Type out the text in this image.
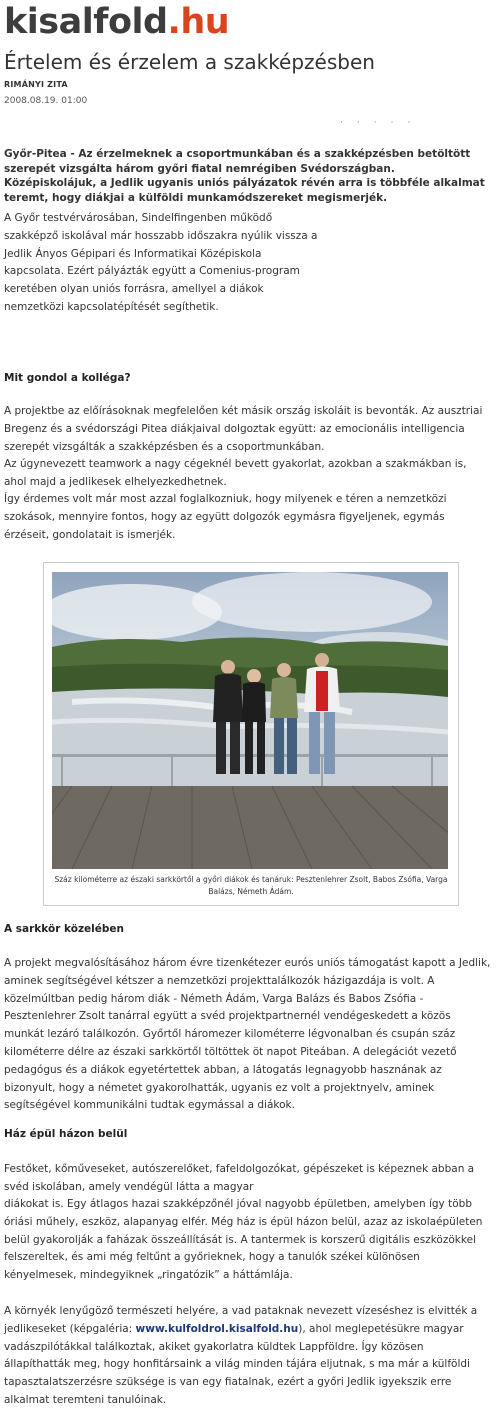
kisalfold.hu
Értelem és érzelem a szakképzésben
RIMÁNYI ZITA
2008.08.19. 01:00
·····

Győr-Pitea - Az érzelmeknek a csoportmunkában és a szakképzésben betöltött szerepét vizsgálta három győri fiatal nemrégiben Svédországban. Középiskolájuk, a Jedlik ugyanis uniós pályázatok révén arra is többféle alkalmat teremt, hogy diákjai a külföldi munkamódszereket megismerjék.

A Győr testvérvárosában, Sindelfingenben működő szakképző iskolával már hosszabb időszakra nyúlik vissza a Jedlik Ányos Gépipari és Informatikai Középiskola kapcsolata. Ezért pályázták együtt a Comenius-program keretében olyan uniós forrásra, amellyel a diákok nemzetközi kapcsolatépítését segíthetik.

Mit gondol a kolléga?

A projektbe az előírásoknak megfelelően két másik ország iskoláit is bevonták. Az ausztriai Bregenz és a svédországi Pitea diákjaival dolgoztak együtt: az emocionális intelligencia szerepét vizsgálták a szakképzésben és a csoportmunkában.

Az úgynevezett teamwork a nagy cégeknél bevett gyakorlat, azokban a szakmákban is, ahol majd a jedlikesek elhelyezkedhetnek.

Így érdemes volt már most azzal foglalkozniuk, hogy milyenek e téren a nemzetközi szokások, mennyire fontos, hogy az együtt dolgozók egymásra figyeljenek, egymás érzéseit, gondolatait is ismerjék.

Száz kilométerre az északi sarkkörtől a győri diákok és tanáruk: Pesztenlehrer Zsolt, Babos Zsófia, Varga Balázs, Németh Ádám.

A sarkkör közelében

A projekt megvalósításához három évre tizenkétezer eurós uniós támogatást kapott a Jedlik, aminek segítségével kétszer a nemzetközi projekttalálkozók házigazdája is volt. A közelmúltban pedig három diák - Németh Ádám, Varga Balázs és Babos Zsófia - Pesztenlehrer Zsolt tanárral együtt a svéd projektpartnernél vendégeskedett a közös munkát lezáró találkozón. Győrtől háromezer kilométerre légvonalban és csupán száz kilométerre délre az északi sarkkörtől töltöttek öt napot Piteában. A delegációt vezető pedagógus és a diákok egyetértettek abban, a látogatás legnagyobb hasznának az bizonyult, hogy a németet gyakorolhatták, ugyanis ez volt a projektnyelv, aminek segítségével kommunikálni tudtak egymással a diákok.

Ház épül házon belül

Festőket, kőműveseket, autószerelőket, fafeldolgozókat, gépészeket is képeznek abban a svéd iskolában, amely vendégül látta a magyar

diákokat is. Egy átlagos hazai szakképzőnél jóval nagyobb épületben, amelyben így több óriási műhely, eszköz, alapanyag elfér. Még ház is épül házon belül, azaz az iskolaépületen belül gyakorolják a faházak összeállítását is. A tantermek is korszerű digitális eszközökkel felszereltek, és ami még feltűnt a győrieknek, hogy a tanulók székei különösen kényelmesek, mindegyiknek „ringatózik” a háttámlája.

A környék lenyűgöző természeti helyére, a vad pataknak nevezett vízeséshez is elvitték a jedlikeseket (képgaléria: www.kulfoldrol.kisalfold.hu), ahol meglepetésükre magyar vadászpilótákkal találkoztak, akiket gyakorlatra küldtek Lappföldre. Így közösen állapíthatták meg, hogy honfitársaink a világ minden tájára eljutnak, s ma már a külföldi tapasztalatszerzésre szüksége is van egy fiatalnak, ezért a győri Jedlik igyekszik erre alkalmat teremteni tanulóinak.
